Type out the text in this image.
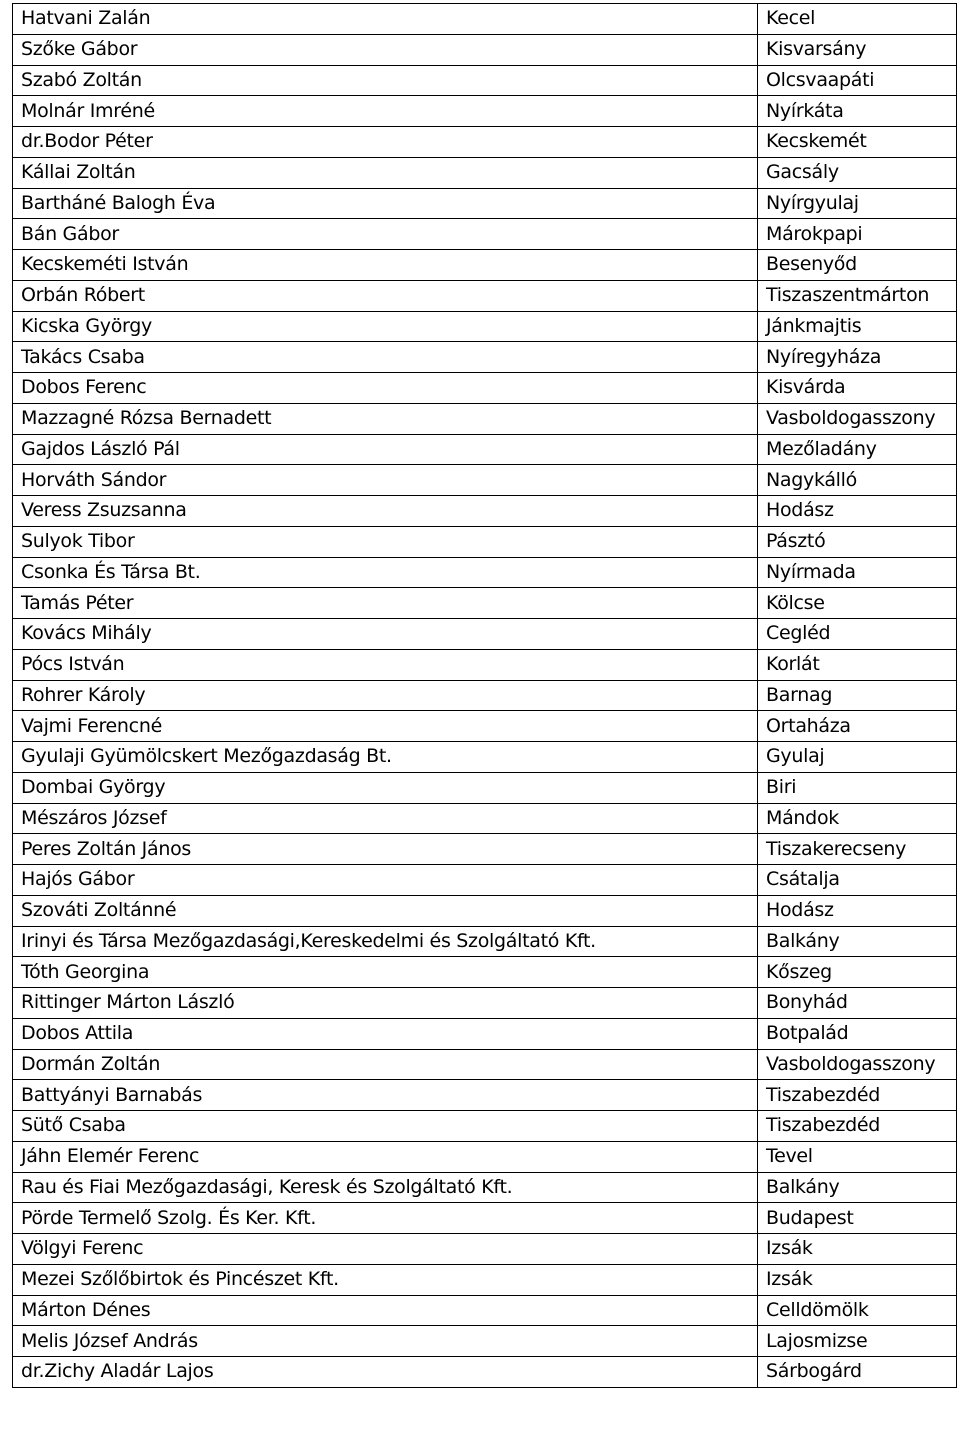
Hatvani Zalán	Kecel
Szőke Gábor	Kisvarsány
Szabó Zoltán	Olcsvaapáti
Molnár Imréné	Nyírkáta
dr.Bodor Péter	Kecskemét
Kállai Zoltán	Gacsály
Bartháné Balogh Éva	Nyírgyulaj
Bán Gábor	Márokpapi
Kecskeméti István	Besenyőd
Orbán Róbert	Tiszaszentmárton
Kicska György	Jánkmajtis
Takács Csaba	Nyíregyháza
Dobos Ferenc	Kisvárda
Mazzagné Rózsa Bernadett	Vasboldogasszony
Gajdos László Pál	Mezőladány
Horváth Sándor	Nagykálló
Veress Zsuzsanna	Hodász
Sulyok Tibor	Pásztó
Csonka És Társa Bt.	Nyírmada
Tamás Péter	Kölcse
Kovács Mihály	Cegléd
Pócs István	Korlát
Rohrer Károly	Barnag
Vajmi Ferencné	Ortaháza
Gyulaji Gyümölcskert Mezőgazdaság Bt.	Gyulaj
Dombai György	Biri
Mészáros József	Mándok
Peres Zoltán János	Tiszakerecseny
Hajós Gábor	Csátalja
Szováti Zoltánné	Hodász
Irinyi és Társa Mezőgazdasági,Kereskedelmi és Szolgáltató Kft.	Balkány
Tóth Georgina	Kőszeg
Rittinger Márton László	Bonyhád
Dobos Attila	Botpalád
Dormán Zoltán	Vasboldogasszony
Battyányi Barnabás	Tiszabezdéd
Sütő Csaba	Tiszabezdéd
Jáhn Elemér Ferenc	Tevel
Rau és Fiai Mezőgazdasági, Keresk és Szolgáltató Kft.	Balkány
Pörde Termelő Szolg. És Ker. Kft.	Budapest
Völgyi Ferenc	Izsák
Mezei Szőlőbirtok és Pincészet Kft.	Izsák
Márton Dénes	Celldömölk
Melis József András	Lajosmizse
dr.Zichy Aladár Lajos	Sárbogárd
